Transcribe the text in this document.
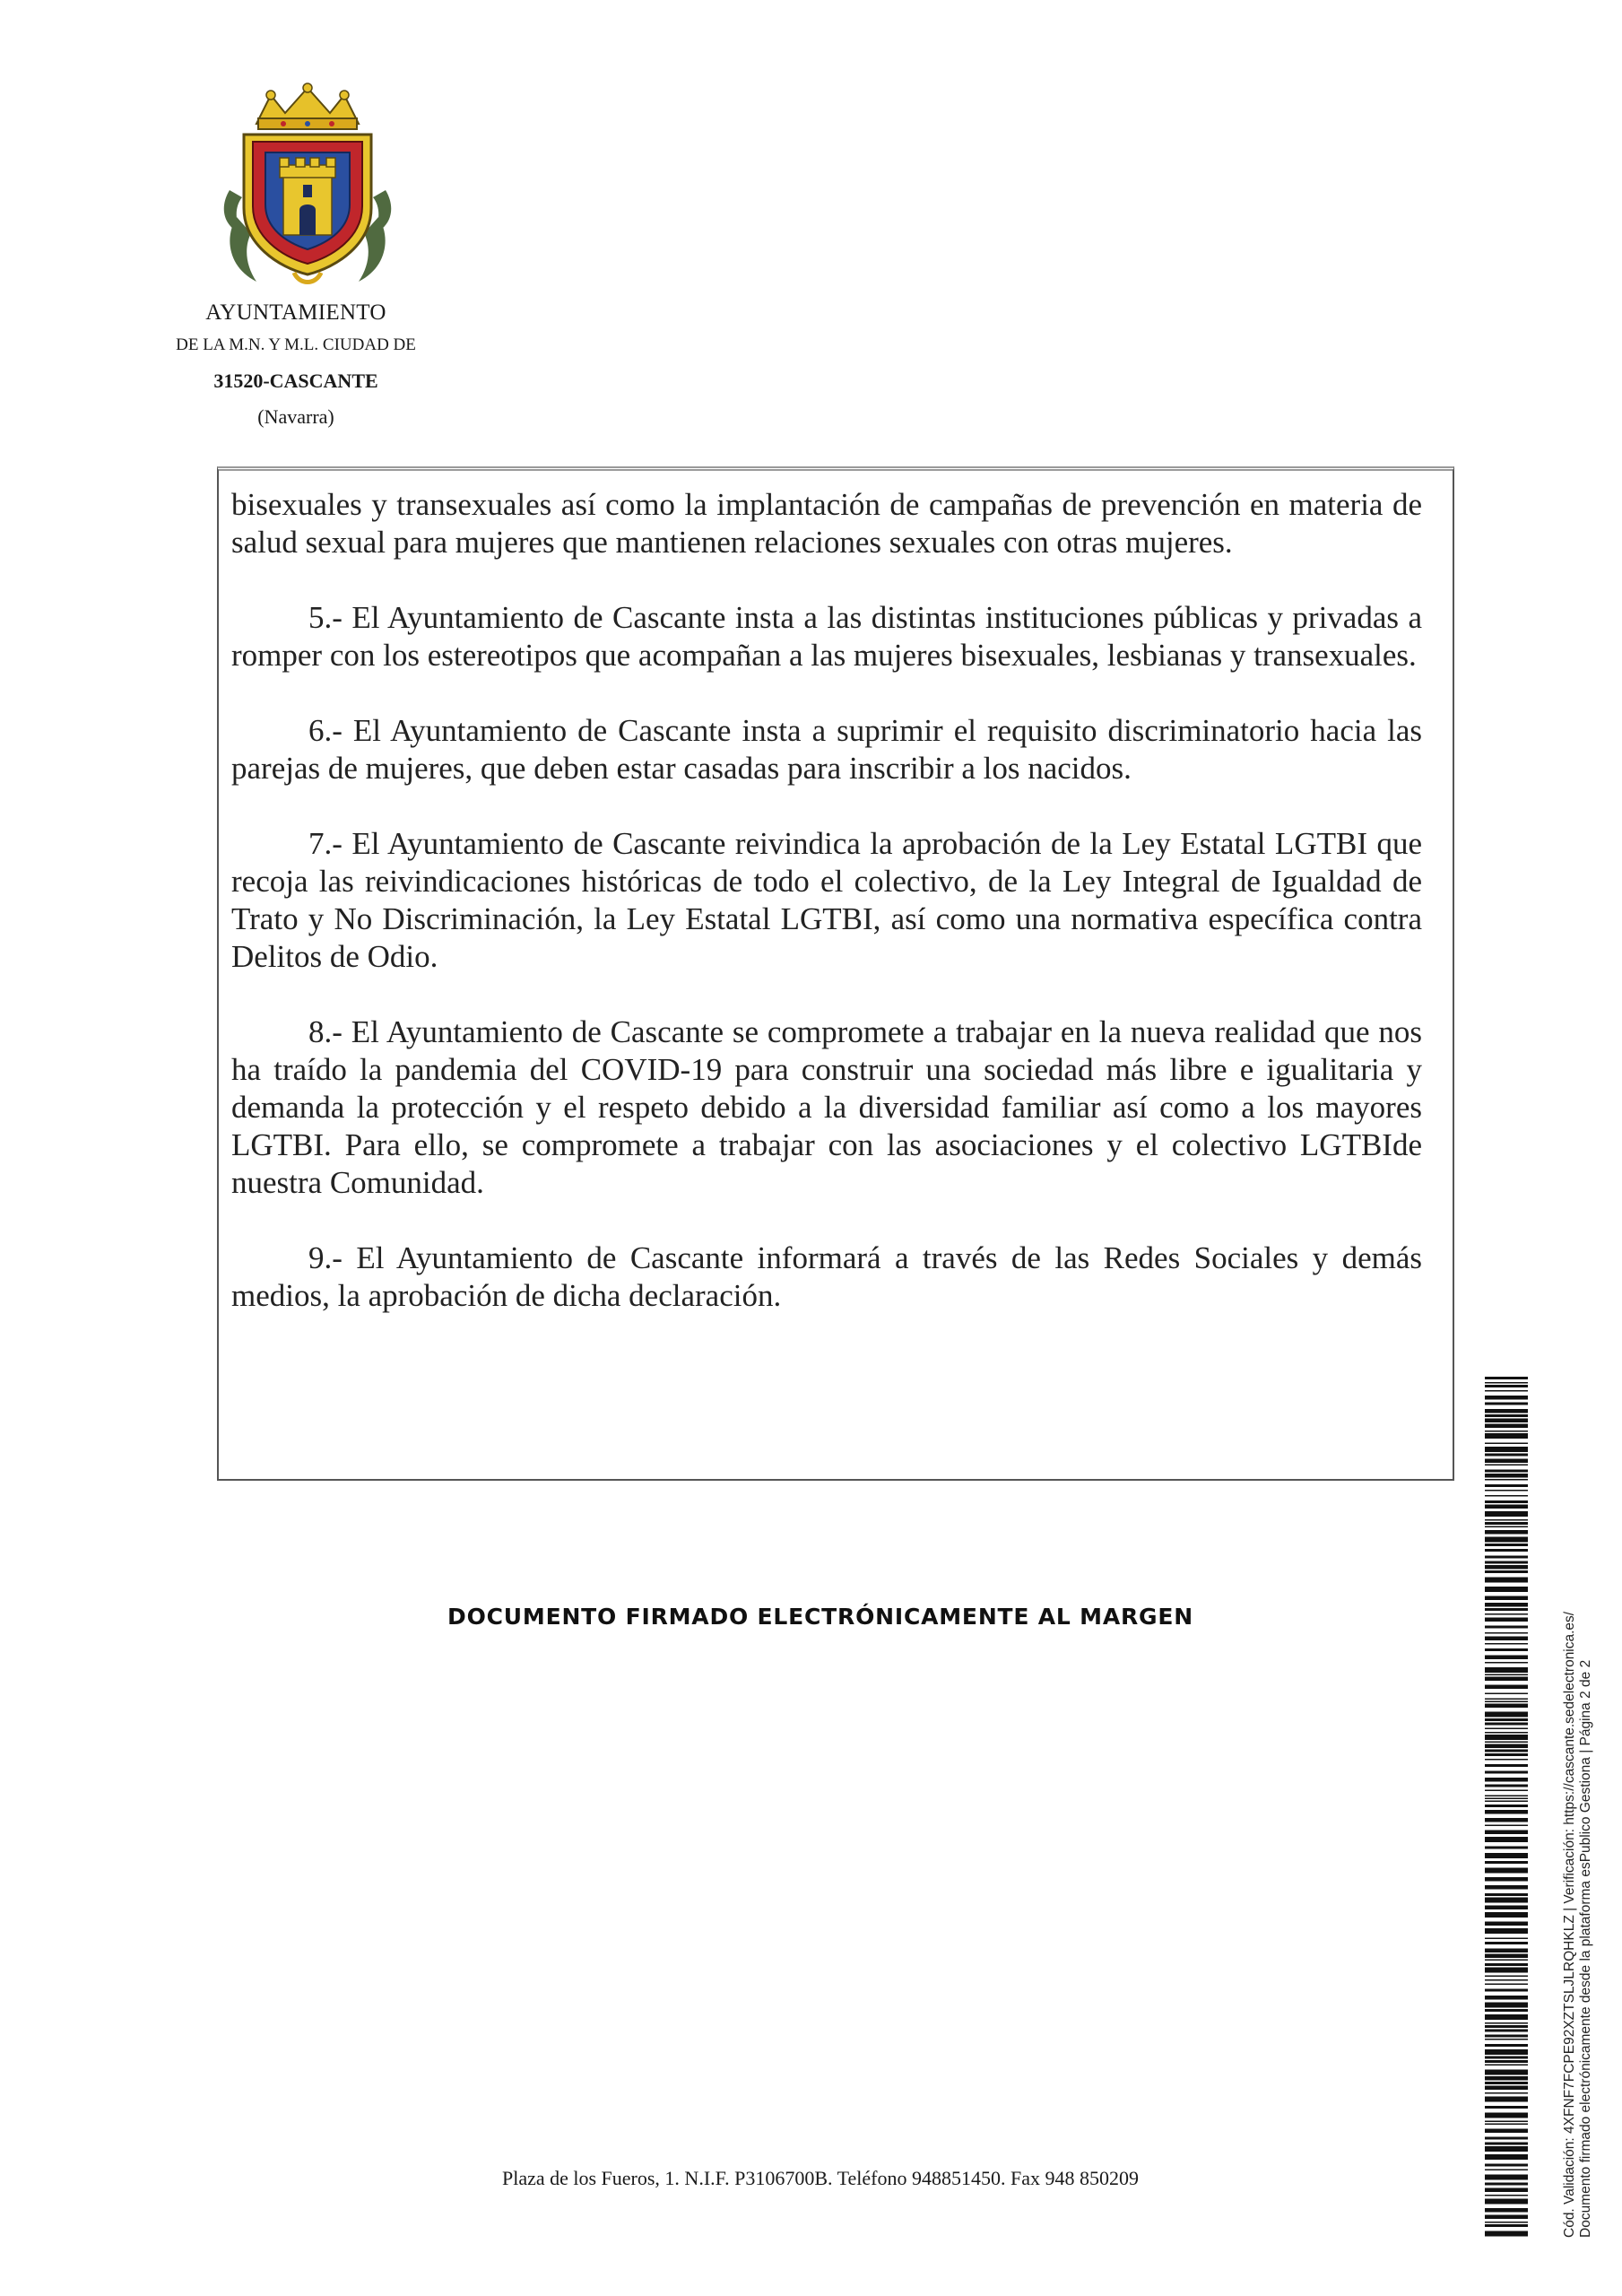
AYUNTAMIENTO
DE LA M.N. Y M.L. CIUDAD DE
31520-CASCANTE
(Navarra)

bisexuales y transexuales así como la implantación de campañas de prevención en materia de salud sexual para mujeres que mantienen relaciones sexuales con otras mujeres.

5.- El Ayuntamiento de Cascante insta a las distintas instituciones públicas y privadas a romper con los estereotipos que acompañan a las mujeres bisexuales, lesbianas y transexuales.

6.- El Ayuntamiento de Cascante insta a suprimir el requisito discriminatorio hacia las parejas de mujeres, que deben estar casadas para inscribir a los nacidos.

7.- El Ayuntamiento de Cascante reivindica la aprobación de la Ley Estatal LGTBI que recoja las reivindicaciones históricas de todo el colectivo, de la Ley Integral de Igualdad de Trato y No Discriminación, la Ley Estatal LGTBI, así como una normativa específica contra Delitos de Odio.

8.- El Ayuntamiento de Cascante se compromete a trabajar en la nueva realidad que nos ha traído la pandemia del COVID-19 para construir una sociedad más libre e igualitaria y demanda la protección y el respeto debido a la diversidad familiar así como a los mayores LGTBI. Para ello, se compromete a trabajar con las asociaciones y el colectivo LGTBIde nuestra Comunidad.

9.- El Ayuntamiento de Cascante informará a través de las Redes Sociales y demás medios, la aprobación de dicha declaración.

DOCUMENTO FIRMADO ELECTRÓNICAMENTE AL MARGEN
Plaza de los Fueros, 1. N.I.F. P3106700B. Teléfono 948851450. Fax 948 850209	Cód. Validación: 4XFNF7FCPE92XZTSLJLRQHKLZ | Verificación: https://cascante.sedelectronica.es/ Documento firmado electrónicamente desde la plataforma esPublico Gestiona | Página 2 de 2
